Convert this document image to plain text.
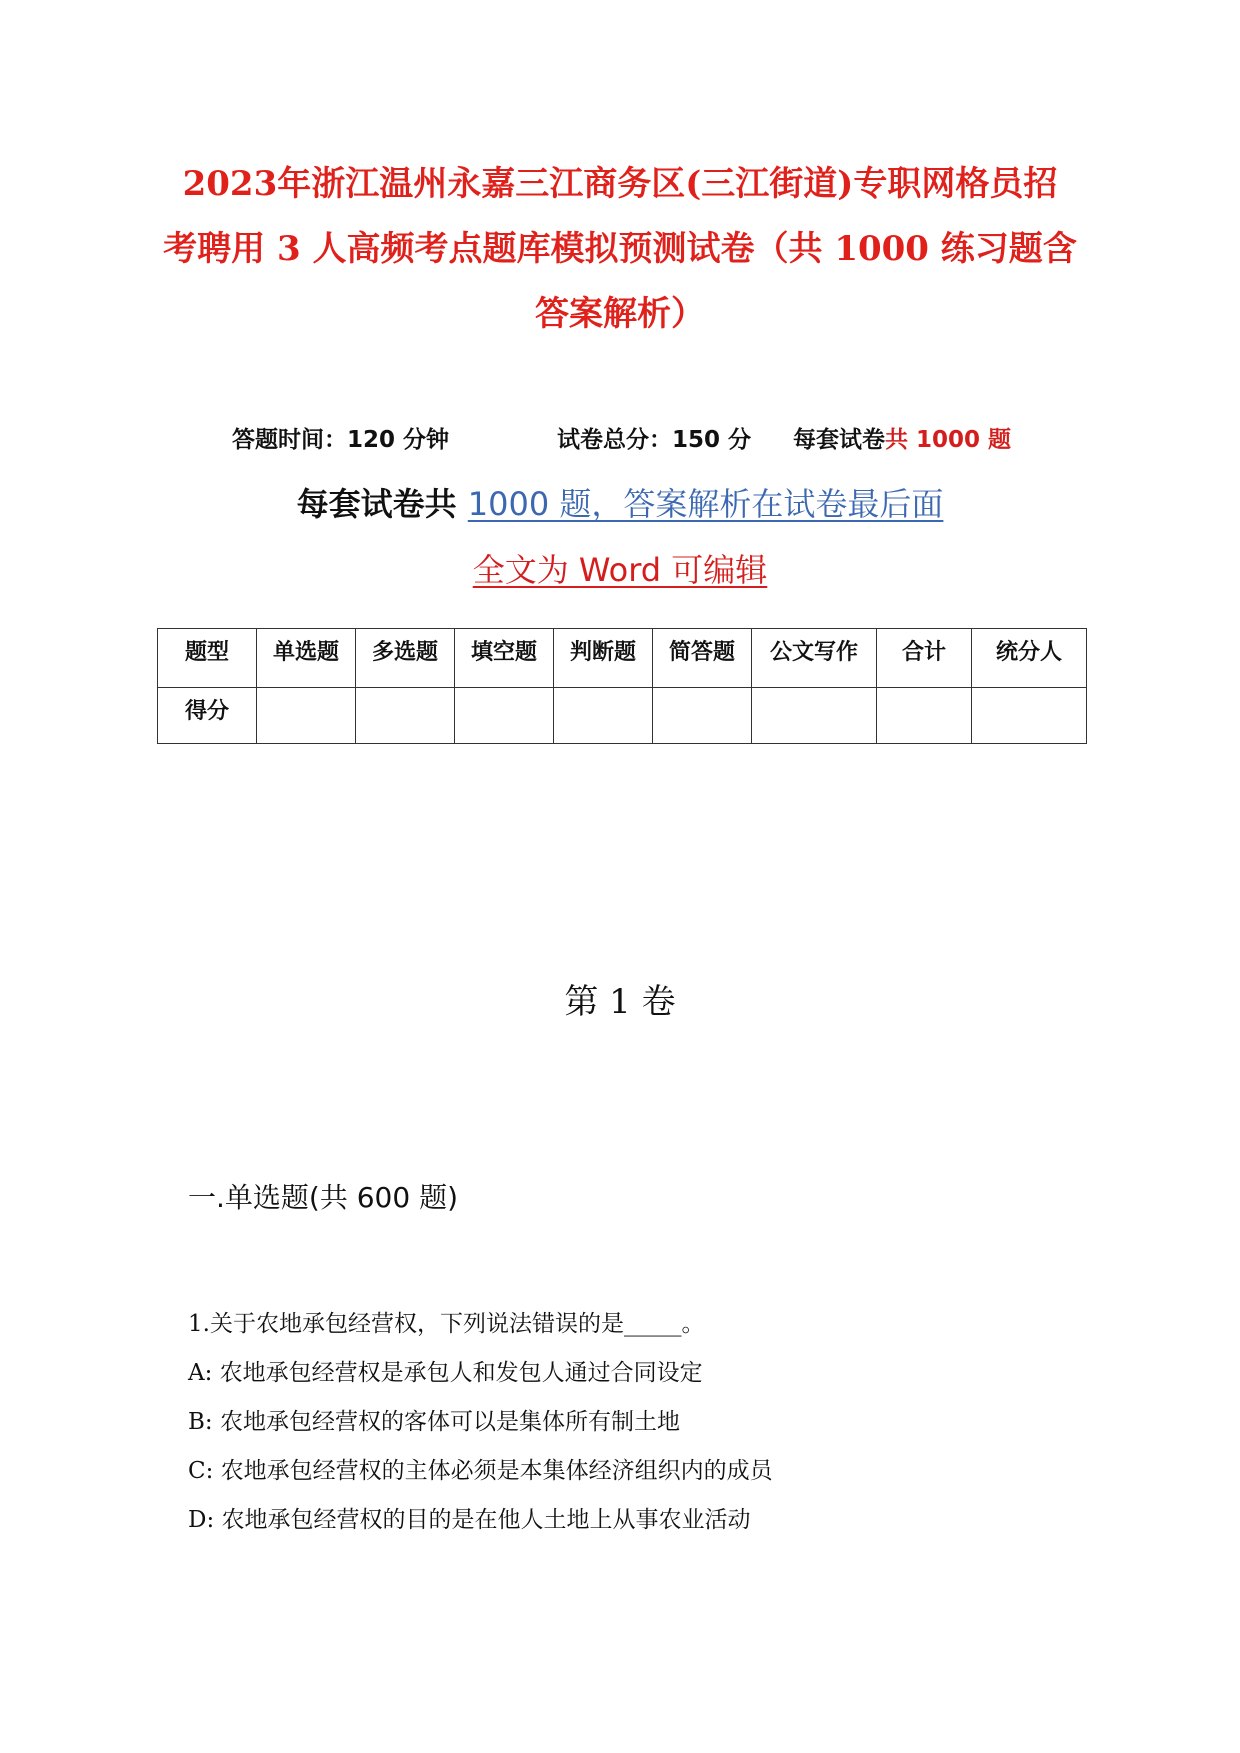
2023年浙江温州永嘉三江商务区(三江街道)专职网格员招
考聘用 3 人高频考点题库模拟预测试卷（共 1000 练习题含
答案解析）
答题时间：120 分钟	试卷总分：150 分 每套试卷共 1000 题
每套试卷共 1000 题，答案解析在试卷最后面
全文为 Word 可编辑
题型	单选题	多选题	填空题	判断题	简答题	公文写作	合计	统分人

得分								

第 1 卷
一.单选题(共 600 题)
1.关于农地承包经营权，下列说法错误的是_____。
A: 农地承包经营权是承包人和发包人通过合同设定
B: 农地承包经营权的客体可以是集体所有制土地
C: 农地承包经营权的主体必须是本集体经济组织内的成员
D: 农地承包经营权的目的是在他人土地上从事农业活动
